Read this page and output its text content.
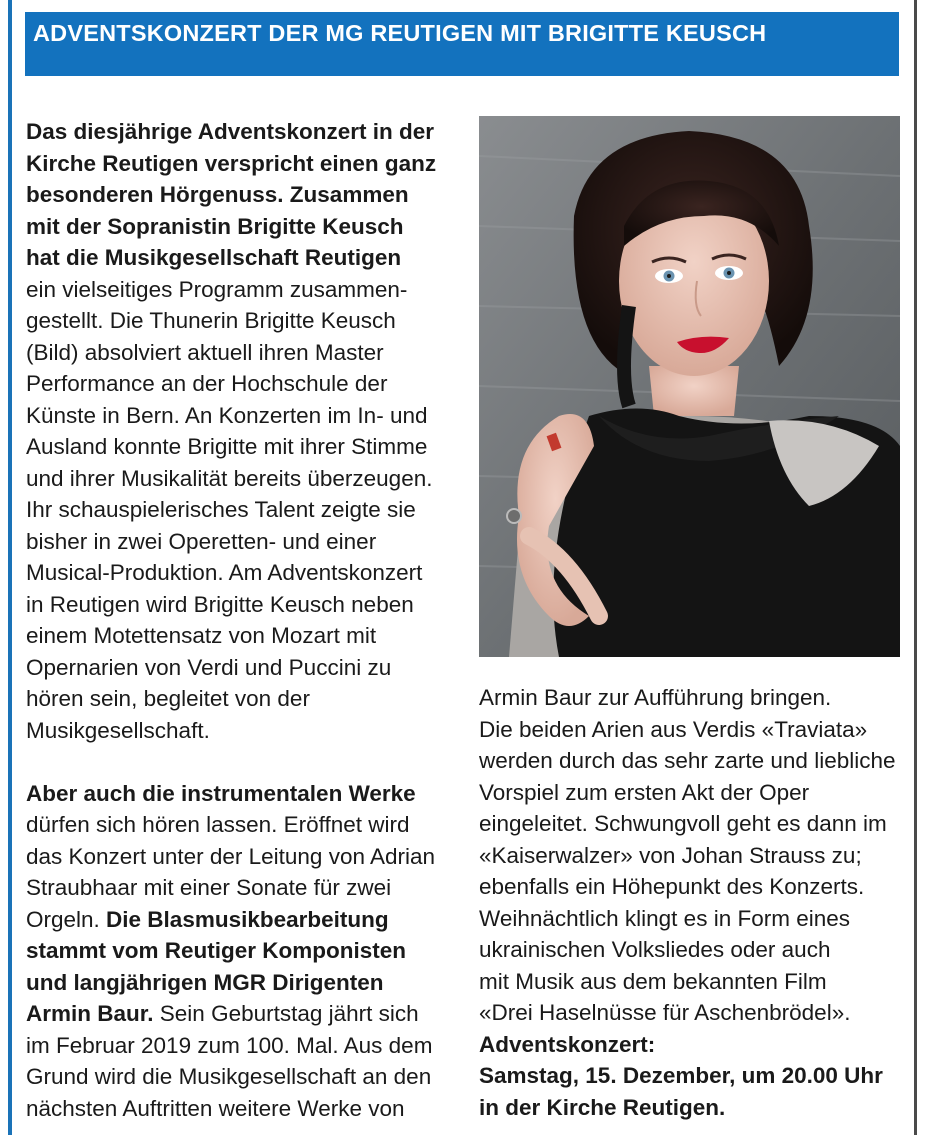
ADVENTSKONZERT DER MG REUTIGEN MIT BRIGITTE KEUSCH
Das diesjährige Adventskonzert in der
Kirche Reutigen verspricht einen ganz
besonderen Hörgenuss. Zusammen
mit der Sopranistin Brigitte Keusch
hat die Musikgesellschaft Reutigen
ein vielseitiges Programm zusammen-
gestellt. Die Thunerin Brigitte Keusch
(Bild) absolviert aktuell ihren Master
Performance an der Hochschule der
Künste in Bern. An Konzerten im In- und
Ausland konnte Brigitte mit ihrer Stimme
und ihrer Musikalität bereits überzeugen.
Ihr schauspielerisches Talent zeigte sie
bisher in zwei Operetten- und einer
Musical-Produktion. Am Adventskonzert
in Reutigen wird Brigitte Keusch neben
einem Motettensatz von Mozart mit
Opernarien von Verdi und Puccini zu
hören sein, begleitet von der
Musikgesellschaft.
Aber auch die instrumentalen Werke
dürfen sich hören lassen. Eröffnet wird
das Konzert unter der Leitung von Adrian
Straubhaar mit einer Sonate für zwei
Orgeln. Die Blasmusikbearbeitung
stammt vom Reutiger Komponisten
und langjährigen MGR Dirigenten
Armin Baur. Sein Geburtstag jährt sich
im Februar 2019 zum 100. Mal. Aus dem
Grund wird die Musikgesellschaft an den
nächsten Auftritten weitere Werke von
Armin Baur zur Aufführung bringen.
Die beiden Arien aus Verdis «Traviata»
werden durch das sehr zarte und liebliche
Vorspiel zum ersten Akt der Oper
eingeleitet. Schwungvoll geht es dann im
«Kaiserwalzer» von Johan Strauss zu;
ebenfalls ein Höhepunkt des Konzerts.
Weihnächtlich klingt es in Form eines
ukrainischen Volksliedes oder auch
mit Musik aus dem bekannten Film
«Drei Haselnüsse für Aschenbrödel».
Adventskonzert:
Samstag, 15. Dezember, um 20.00 Uhr
in der Kirche Reutigen.
